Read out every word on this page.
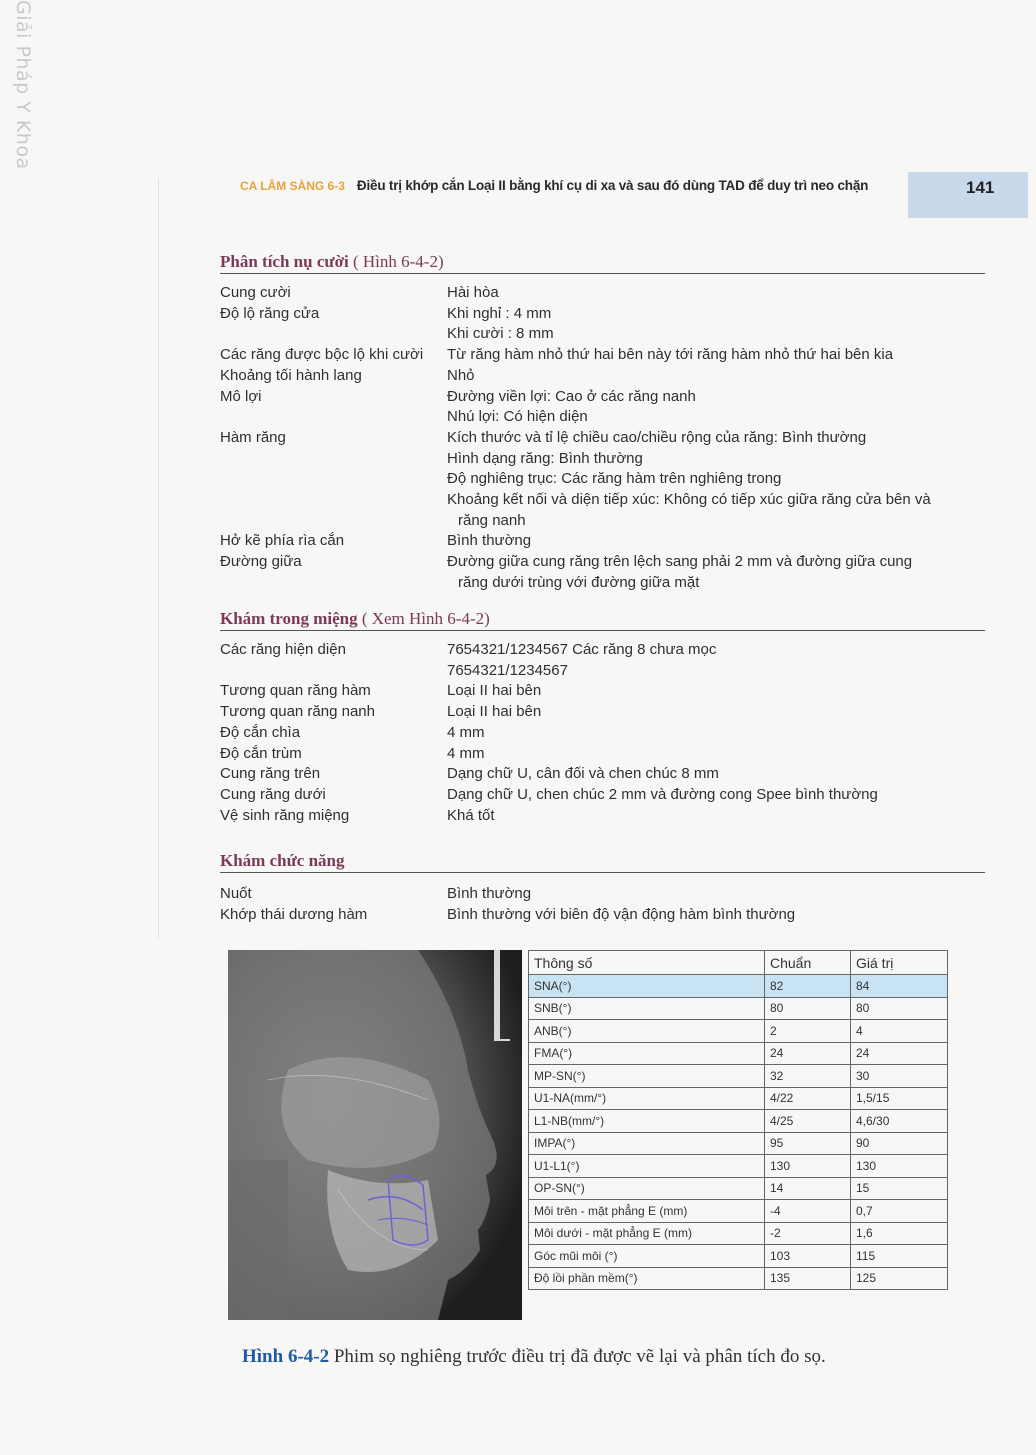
Giải Pháp Y Khoa
CA LÂM SÀNG 6-3 Điều trị khớp cắn Loại II bằng khí cụ di xa và sau đó dùng TAD để duy trì neo chặn	141
Phân tích nụ cười ( Hình 6-4-2)
Cung cười	Hài hòa
Độ lộ răng cửa	Khi nghỉ : 4 mm
Khi cười : 8 mm
Các răng được bộc lộ khi cười	Từ răng hàm nhỏ thứ hai bên này tới răng hàm nhỏ thứ hai bên kia
Khoảng tối hành lang	Nhỏ
Mô lợi	Đường viền lợi: Cao ở các răng nanh
Nhú lợi: Có hiện diện
Hàm răng	Kích thước và tỉ lệ chiều cao/chiều rộng của răng: Bình thường
Hình dạng răng: Bình thường
Độ nghiêng trục: Các răng hàm trên nghiêng trong
Khoảng kết nối và diện tiếp xúc: Không có tiếp xúc giữa răng cửa bên và
răng nanh
Hở kẽ phía rìa cắn	Bình thường
Đường giữa	Đường giữa cung răng trên lệch sang phải 2 mm và đường giữa cung
răng dưới trùng với đường giữa mặt
Khám trong miệng ( Xem Hình 6-4-2)
Các răng hiện diện	7654321/1234567 Các răng 8 chưa mọc
7654321/1234567
Tương quan răng hàm	Loại II hai bên
Tương quan răng nanh	Loại II hai bên
Độ cắn chìa	4 mm
Độ cắn trùm	4 mm
Cung răng trên	Dạng chữ U, cân đối và chen chúc 8 mm
Cung răng dưới	Dạng chữ U, chen chúc 2 mm và đường cong Spee bình thường
Vệ sinh răng miệng	Khá tốt
Khám chức năng
Nuốt	Bình thường
Khớp thái dương hàm	Bình thường với biên độ vận động hàm bình thường
Thông số	Chuẩn	Giá trị
SNA(°)	82	84
SNB(°)	80	80
ANB(°)	2	4
FMA(°)	24	24
MP-SN(°)	32	30
U1-NA(mm/°)	4/22	1,5/15
L1-NB(mm/°)	4/25	4,6/30
IMPA(°)	95	90
U1-L1(°)	130	130
OP-SN(°)	14	15
Môi trên - mặt phẳng E (mm)	-4	0,7
Môi dưới - mặt phẳng E (mm)	-2	1,6
Góc mũi môi (°)	103	115
Độ lồi phần mềm(°)	135	125
Hình 6-4-2 Phim sọ nghiêng trước điều trị đã được vẽ lại và phân tích đo sọ.
